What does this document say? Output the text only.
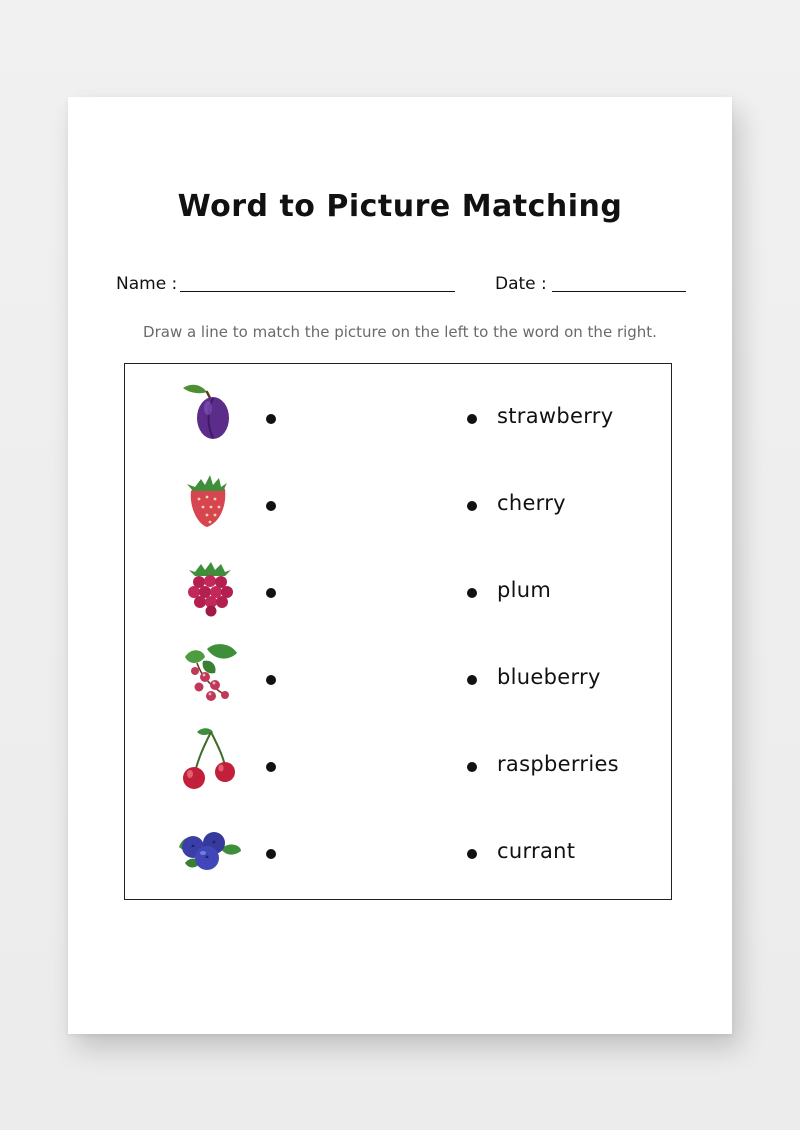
Word to Picture Matching
Name :	Date :
Draw a line to match the picture on the left to the word on the right.
strawberry
cherry
plum
blueberry
raspberries
currant
